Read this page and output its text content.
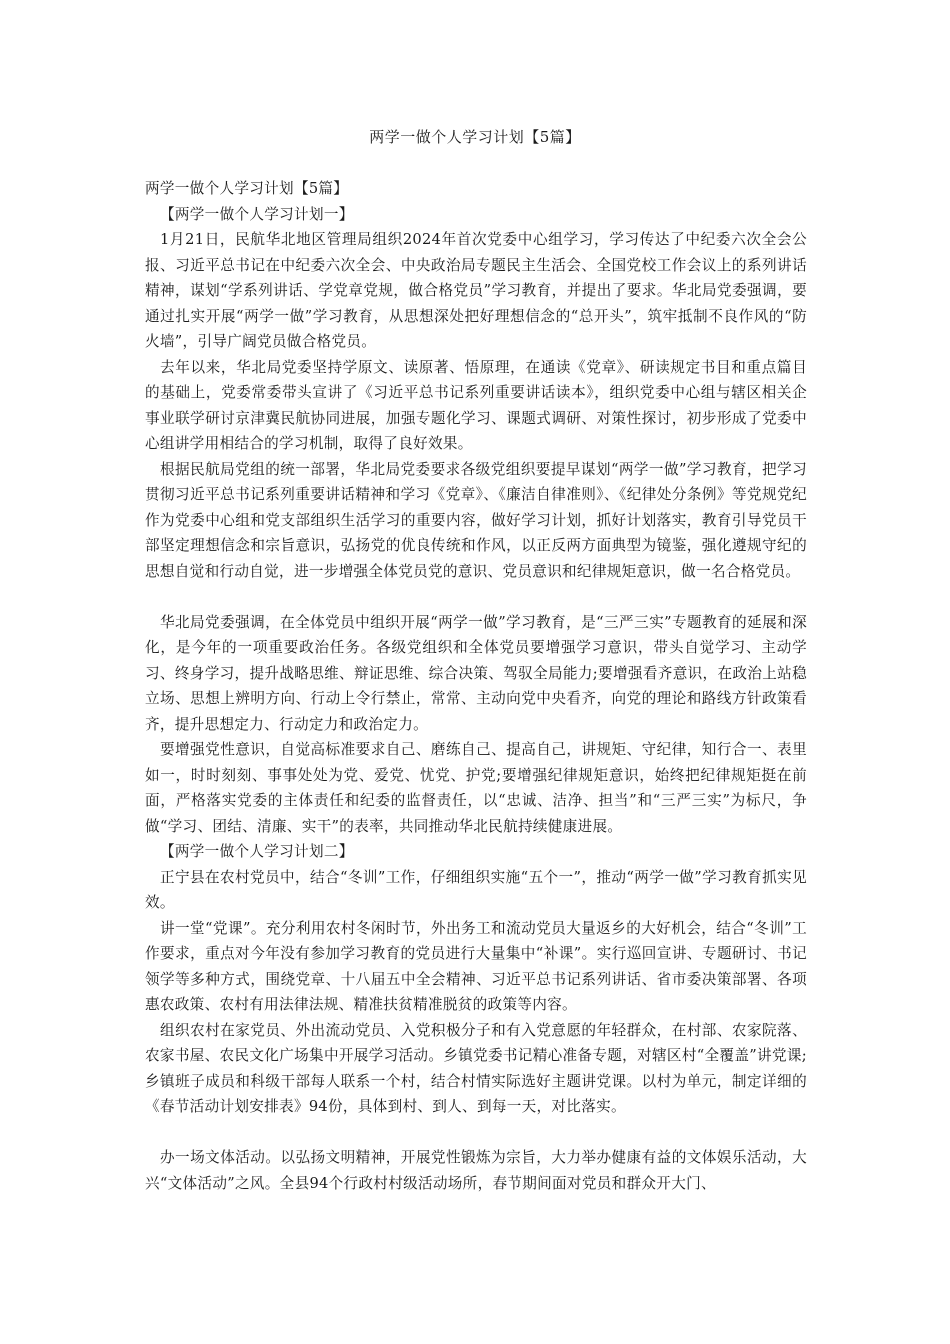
两学一做个人学习计划【5篇】

两学一做个人学习计划【5篇】

【两学一做个人学习计划一】

1月21日，民航华北地区管理局组织2024年首次党委中心组学习，学习传达了中纪委六次全会公报、习近平总书记在中纪委六次全会、中央政治局专题民主生活会、全国党校工作会议上的系列讲话精神，谋划“学系列讲话、学党章党规，做合格党员”学习教育，并提出了要求。华北局党委强调，要通过扎实开展“两学一做”学习教育，从思想深处把好理想信念的“总开头”，筑牢抵制不良作风的“防火墙”，引导广阔党员做合格党员。

去年以来，华北局党委坚持学原文、读原著、悟原理，在通读《党章》、研读规定书目和重点篇目的基础上，党委常委带头宣讲了《习近平总书记系列重要讲话读本》，组织党委中心组与辖区相关企事业联学研讨京津冀民航协同进展，加强专题化学习、课题式调研、对策性探讨，初步形成了党委中心组讲学用相结合的学习机制，取得了良好效果。

根据民航局党组的统一部署，华北局党委要求各级党组织要提早谋划“两学一做”学习教育，把学习贯彻习近平总书记系列重要讲话精神和学习《党章》、《廉洁自律准则》、《纪律处分条例》等党规党纪作为党委中心组和党支部组织生活学习的重要内容，做好学习计划，抓好计划落实，教育引导党员干部坚定理想信念和宗旨意识，弘扬党的优良传统和作风，以正反两方面典型为镜鉴，强化遵规守纪的思想自觉和行动自觉，进一步增强全体党员党的意识、党员意识和纪律规矩意识，做一名合格党员。

华北局党委强调，在全体党员中组织开展“两学一做”学习教育，是“三严三实”专题教育的延展和深化，是今年的一项重要政治任务。各级党组织和全体党员要增强学习意识，带头自觉学习、主动学习、终身学习，提升战略思维、辩证思维、综合决策、驾驭全局能力;要增强看齐意识，在政治上站稳立场、思想上辨明方向、行动上令行禁止，常常、主动向党中央看齐，向党的理论和路线方针政策看齐，提升思想定力、行动定力和政治定力。

要增强党性意识，自觉高标准要求自己、磨练自己、提高自己，讲规矩、守纪律，知行合一、表里如一，时时刻刻、事事处处为党、爱党、忧党、护党;要增强纪律规矩意识，始终把纪律规矩挺在前面，严格落实党委的主体责任和纪委的监督责任，以“忠诚、洁净、担当”和“三严三实”为标尺，争做“学习、团结、清廉、实干”的表率，共同推动华北民航持续健康进展。

【两学一做个人学习计划二】

正宁县在农村党员中，结合“冬训”工作，仔细组织实施“五个一”，推动“两学一做”学习教育抓实见效。

讲一堂“党课”。充分利用农村冬闲时节，外出务工和流动党员大量返乡的大好机会，结合“冬训”工作要求，重点对今年没有参加学习教育的党员进行大量集中“补课”。实行巡回宣讲、专题研讨、书记领学等多种方式，围绕党章、十八届五中全会精神、习近平总书记系列讲话、省市委决策部署、各项惠农政策、农村有用法律法规、精准扶贫精准脱贫的政策等内容。

组织农村在家党员、外出流动党员、入党积极分子和有入党意愿的年轻群众，在村部、农家院落、农家书屋、农民文化广场集中开展学习活动。乡镇党委书记精心准备专题，对辖区村“全覆盖”讲党课;乡镇班子成员和科级干部每人联系一个村，结合村情实际选好主题讲党课。以村为单元，制定详细的《春节活动计划安排表》94份，具体到村、到人、到每一天，对比落实。

办一场文体活动。以弘扬文明精神，开展党性锻炼为宗旨，大力举办健康有益的文体娱乐活动，大兴“文体活动”之风。全县94个行政村村级活动场所，春节期间面对党员和群众开大门、
